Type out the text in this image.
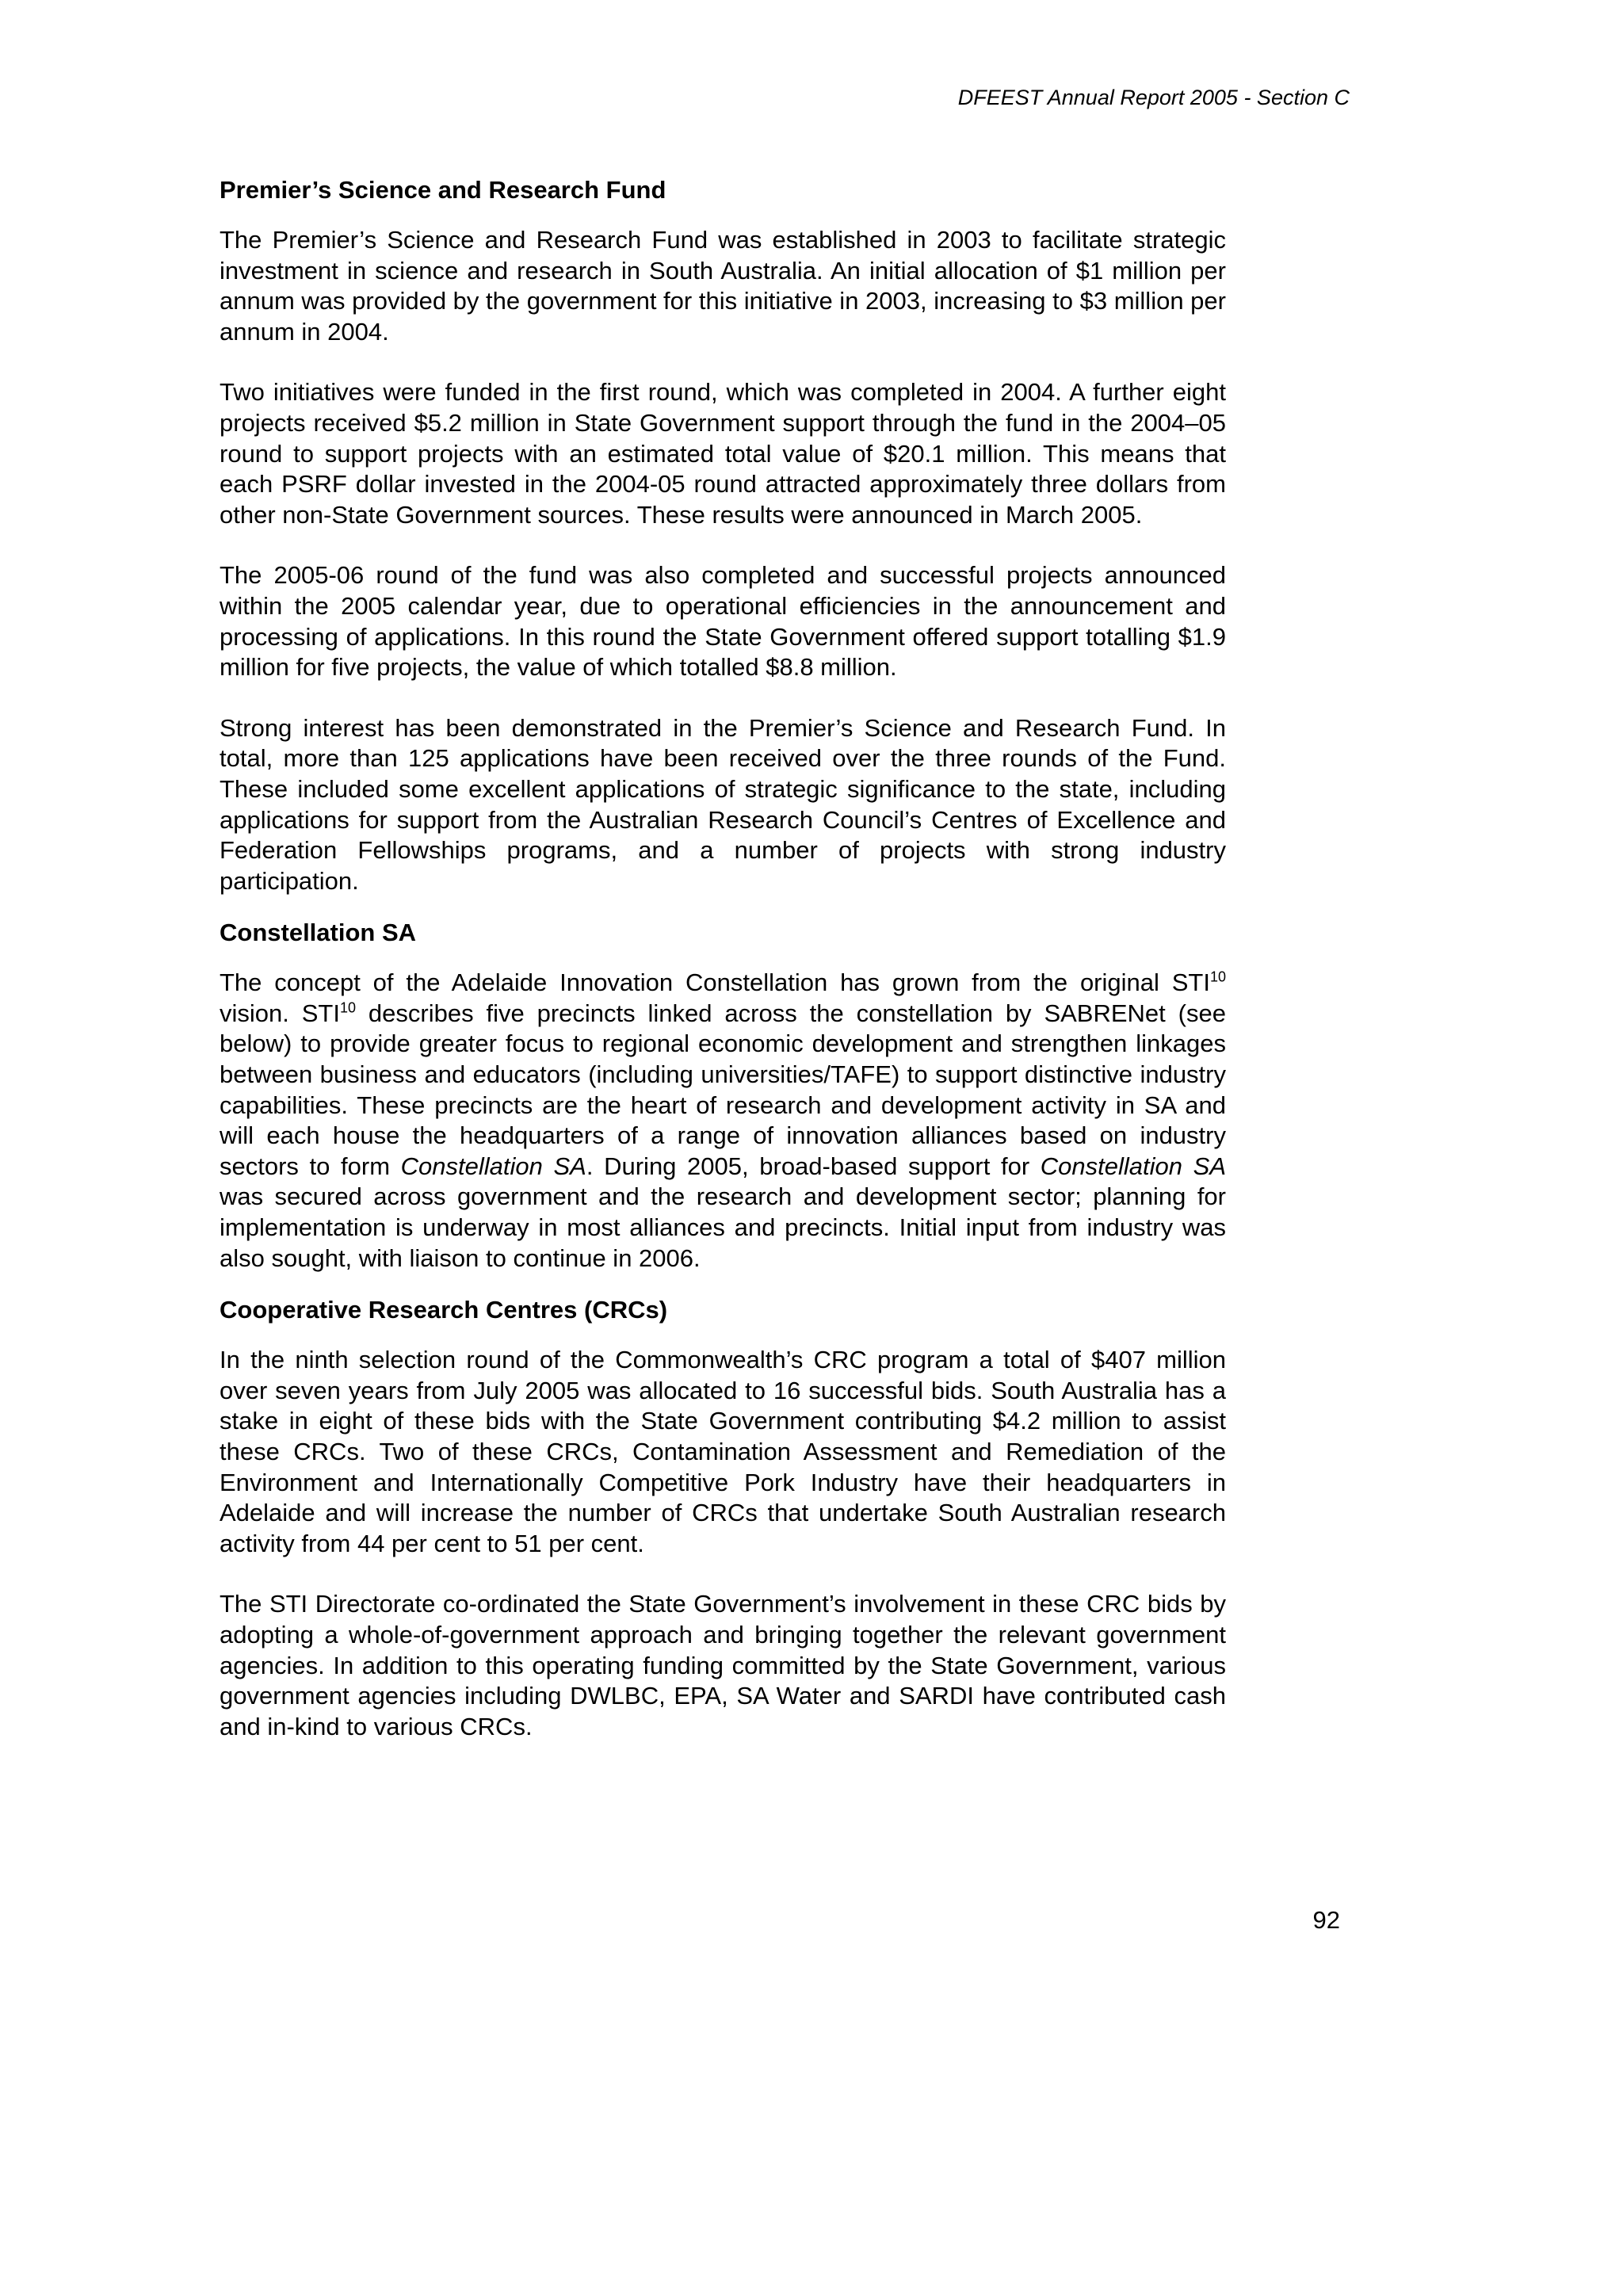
DFEEST Annual Report 2005 - Section C
Premier’s Science and Research Fund

The Premier’s Science and Research Fund was established in 2003 to facilitate strategic investment in science and research in South Australia. An initial allocation of $1 million per annum was provided by the government for this initiative in 2003, increasing to $3 million per annum in 2004.

Two initiatives were funded in the first round, which was completed in 2004. A further eight projects received $5.2 million in State Government support through the fund in the 2004–05 round to support projects with an estimated total value of $20.1 million. This means that each PSRF dollar invested in the 2004-05 round attracted approximately three dollars from other non-State Government sources. These results were announced in March 2005.

The 2005-06 round of the fund was also completed and successful projects announced within the 2005 calendar year, due to operational efficiencies in the announcement and processing of applications. In this round the State Government offered support totalling $1.9 million for five projects, the value of which totalled $8.8 million.

Strong interest has been demonstrated in the Premier’s Science and Research Fund. In total, more than 125 applications have been received over the three rounds of the Fund. These included some excellent applications of strategic significance to the state, including applications for support from the Australian Research Council’s Centres of Excellence and Federation Fellowships programs, and a number of projects with strong industry participation.

Constellation SA

The concept of the Adelaide Innovation Constellation has grown from the original STI$^{10}$ vision. STI$^{10}$ describes five precincts linked across the constellation by SABRENet (see below) to provide greater focus to regional economic development and strengthen linkages between business and educators (including universities/TAFE) to support distinctive industry capabilities. These precincts are the heart of research and development activity in SA and will each house the headquarters of a range of innovation alliances based on industry sectors to form Constellation SA. During 2005, broad-based support for Constellation SA was secured across government and the research and development sector; planning for implementation is underway in most alliances and precincts. Initial input from industry was also sought, with liaison to continue in 2006.

Cooperative Research Centres (CRCs)

In the ninth selection round of the Commonwealth’s CRC program a total of $407 million over seven years from July 2005 was allocated to 16 successful bids. South Australia has a stake in eight of these bids with the State Government contributing $4.2 million to assist these CRCs. Two of these CRCs, Contamination Assessment and Remediation of the Environment and Internationally Competitive Pork Industry have their headquarters in Adelaide and will increase the number of CRCs that undertake South Australian research activity from 44 per cent to 51 per cent.

The STI Directorate co-ordinated the State Government’s involvement in these CRC bids by adopting a whole-of-government approach and bringing together the relevant government agencies. In addition to this operating funding committed by the State Government, various government agencies including DWLBC, EPA, SA Water and SARDI have contributed cash and in-kind to various CRCs.

92
